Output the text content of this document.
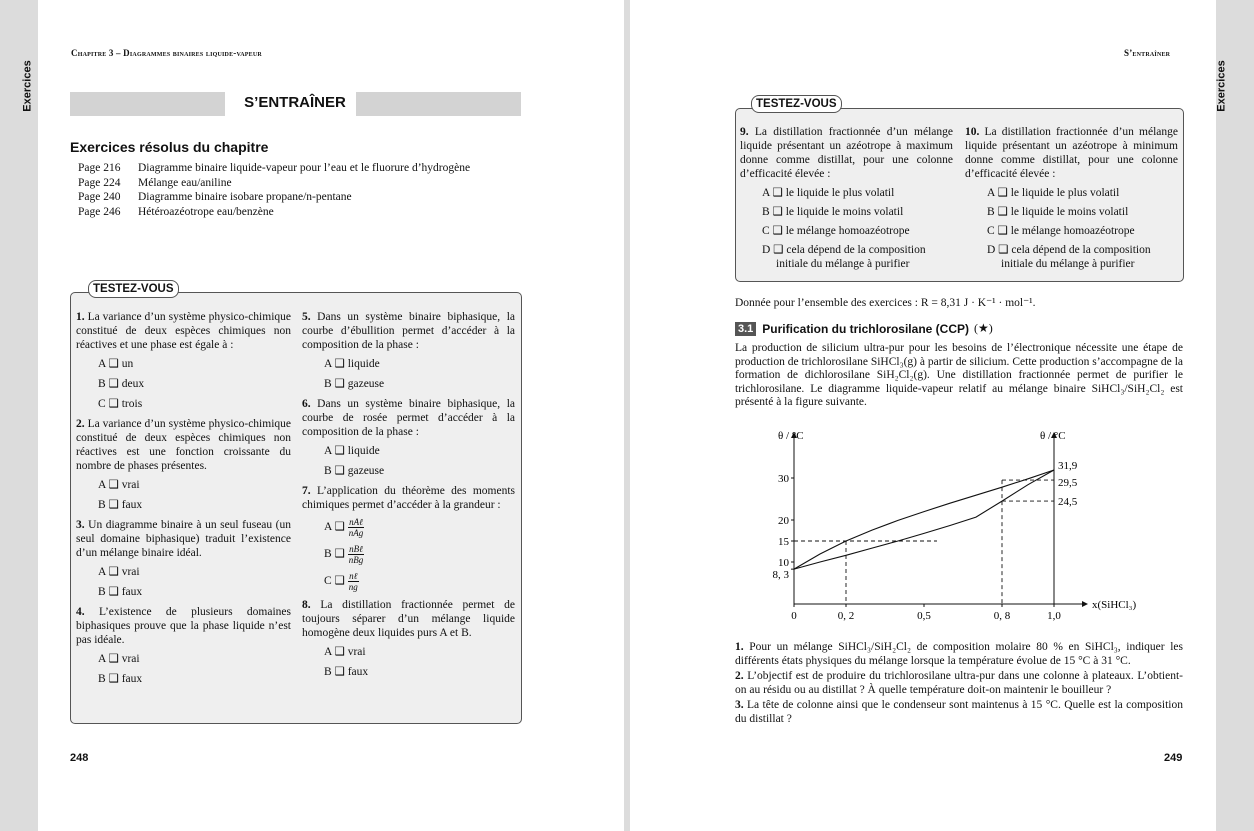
Exercices
Chapitre 3 – Diagrammes binaires liquide-vapeur
S’ENTRAÎNER
Exercices résolus du chapitre
Page 216	Diagramme binaire liquide-vapeur pour l’eau et le fluorure d’hydrogène
Page 224	Mélange eau/aniline
Page 240	Diagramme binaire isobare propane/n-pentane
Page 246	Hétéroazéotrope eau/benzène
TESTEZ-VOUS

1. La variance d’un système physico-chimique constitué de deux espèces chimiques non réactives et une phase est égale à :

A ❑ un
B ❑ deux
C ❑ trois

2. La variance d’un système physico-chimique constitué de deux espèces chimiques non réactives est une fonction croissante du nombre de phases présentes.

A ❑ vrai
B ❑ faux

3. Un diagramme binaire à un seul fuseau (un seul domaine biphasique) traduit l’existence d’un mélange binaire idéal.

A ❑ vrai
B ❑ faux

4. L’existence de plusieurs domaines biphasiques prouve que la phase liquide n’est pas idéale.

A ❑ vrai
B ❑ faux

5. Dans un système binaire biphasique, la courbe d’ébullition permet d’accéder à la composition de la phase :

A ❑ liquide
B ❑ gazeuse

6. Dans un système binaire biphasique, la courbe de rosée permet d’accéder à la composition de la phase :

A ❑ liquide
B ❑ gazeuse

7. L’application du théorème des moments chimiques permet d’accéder à la grandeur :

A ❑ $\frac{\text{nAℓ}}{\text{nAg}}$
B ❑ $\frac{\text{nBℓ}}{\text{nBg}}$
C ❑ $\frac{\text{nℓ}}{ng}$

8. La distillation fractionnée permet de toujours séparer d’un mélange liquide homogène deux liquides purs A et B.

A ❑ vrai
B ❑ faux
248
Exercices
S’entraîner
TESTEZ-VOUS

9. La distillation fractionnée d’un mélange liquide présentant un azéotrope à maximum donne comme distillat, pour une colonne d’efficacité élevée :

A ❑ le liquide le plus volatil
B ❑ le liquide le moins volatil
C ❑ le mélange homoazéotrope
D ❑ cela dépend de la composition initiale du mélange à purifier

10. La distillation fractionnée d’un mélange liquide présentant un azéotrope à minimum donne comme distillat, pour une colonne d’efficacité élevée :

A ❑ le liquide le plus volatil
B ❑ le liquide le moins volatil
C ❑ le mélange homoazéotrope
D ❑ cela dépend de la composition initiale du mélange à purifier
Donnée pour l’ensemble des exercices : R = 8,31 J · K⁻¹ · mol⁻¹.
3.1 Purification du trichlorosilane (CCP) (★)
La production de silicium ultra-pur pour les besoins de l’électronique nécessite une étape de production de trichlorosilane SiHCl₃(g) à partir de silicium. Cette production s’accompagne de la formation de dichlorosilane SiH₂Cl₂(g). Une distillation fractionnée permet de purifier le trichlorosilane. Le diagramme liquide-vapeur relatif au mélange binaire SiHCl₃/SiH₂Cl₂ est présenté à la figure suivante.
0	0, 2	0,5	0, 8	1,0
8, 3
10
15
20
30
31,9
29,5
24,5
θ / °C	θ / °C
x(SiHCl₃)

1. Pour un mélange SiHCl₃/SiH₂Cl₂ de composition molaire 80 % en SiHCl₃, indiquer les différents états physiques du mélange lorsque la température évolue de 15 °C à 31 °C.

2. L’objectif est de produire du trichlorosilane ultra-pur dans une colonne à plateaux. L’obtient-on au résidu ou au distillat ? À quelle température doit-on maintenir le bouilleur ?

3. La tête de colonne ainsi que le condenseur sont maintenus à 15 °C. Quelle est la composition du distillat ?

249
